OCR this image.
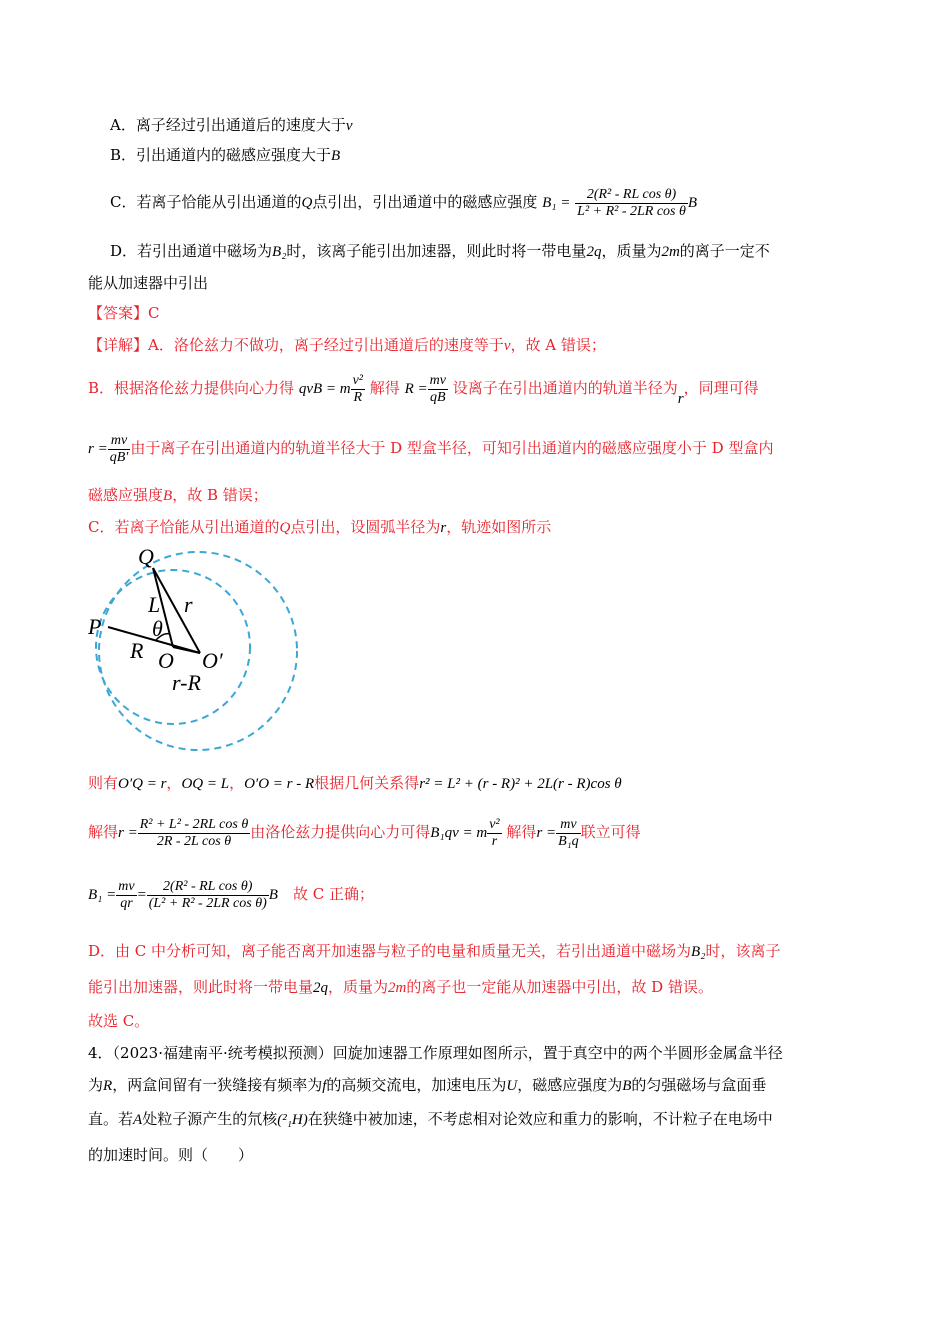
A．离子经过引出通道后的速度大于v
B．引出通道内的磁感应强度大于B
C．若离子恰能从引出通道的Q点引出，引出通道中的磁感应强度 $B_1 = \frac{\text{2(R² - RL cos θ)}}{\text{L² + R² - 2LR cos θ}}$ B
D．若引出通道中磁场为B₂时，该离子能引出加速器，则此时将一带电量2q，质量为2m的离子一定不
能从加速器中引出
【答案】C
【详解】A．洛伦兹力不做功，离子经过引出通道后的速度等于v，故 A 错误；
B．根据洛伦兹力提供向心力得 qvB = m $\frac{\text{v²}}{R}$ 解得 $R = \frac{mv}{qB}$ 设离子在引出通道内的轨道半径为r，同理可得
$r = \frac{mv}{qB'}$ 由于离子在引出通道内的轨道半径大于 D 型盒半径，可知引出通道内的磁感应强度小于 D 型盒内
磁感应强度B，故 B 错误；
C．若离子恰能从引出通道的Q点引出，设圆弧半径为r，轨迹如图所示
Q
P
L r
θ
R O O′
r-R
则有O′Q = r，OQ = L，O′O = r - R根据几何关系得r² = L² + (r - R)² + 2L(r - R)cos θ
解得$r = \frac{\text{R² + L² - 2RL cos θ}}{\text{2R - 2L cos θ}}$ 由洛伦兹力提供向心力可得B₁qv = m $\frac{\text{v²}}{r}$ 解得$r = \frac{mv}{\text{B₁q}}$ 联立可得
$B_1 = \frac{mv}{qr} = \frac{\text{2(R² - RL cos θ)}}{\text{(L² + R² - 2LR cos θ)}}$ B　 故 C 正确；
D．由 C 中分析可知，离子能否离开加速器与粒子的电量和质量无关，若引出通道中磁场为B₂时，该离子
能引出加速器，则此时将一带电量2q，质量为2m的离子也一定能从加速器中引出，故 D 错误。
故选 C。
4．（2023·福建南平·统考模拟预测）回旋加速器工作原理如图所示，置于真空中的两个半圆形金属盒半径
为R，两盒间留有一狭缝接有频率为f的高频交流电，加速电压为U，磁感应强度为B的匀强磁场与盒面垂
直。若A处粒子源产生的氘核(²₁H)在狭缝中被加速，不考虑相对论效应和重力的影响，不计粒子在电场中
的加速时间。则（　　）
